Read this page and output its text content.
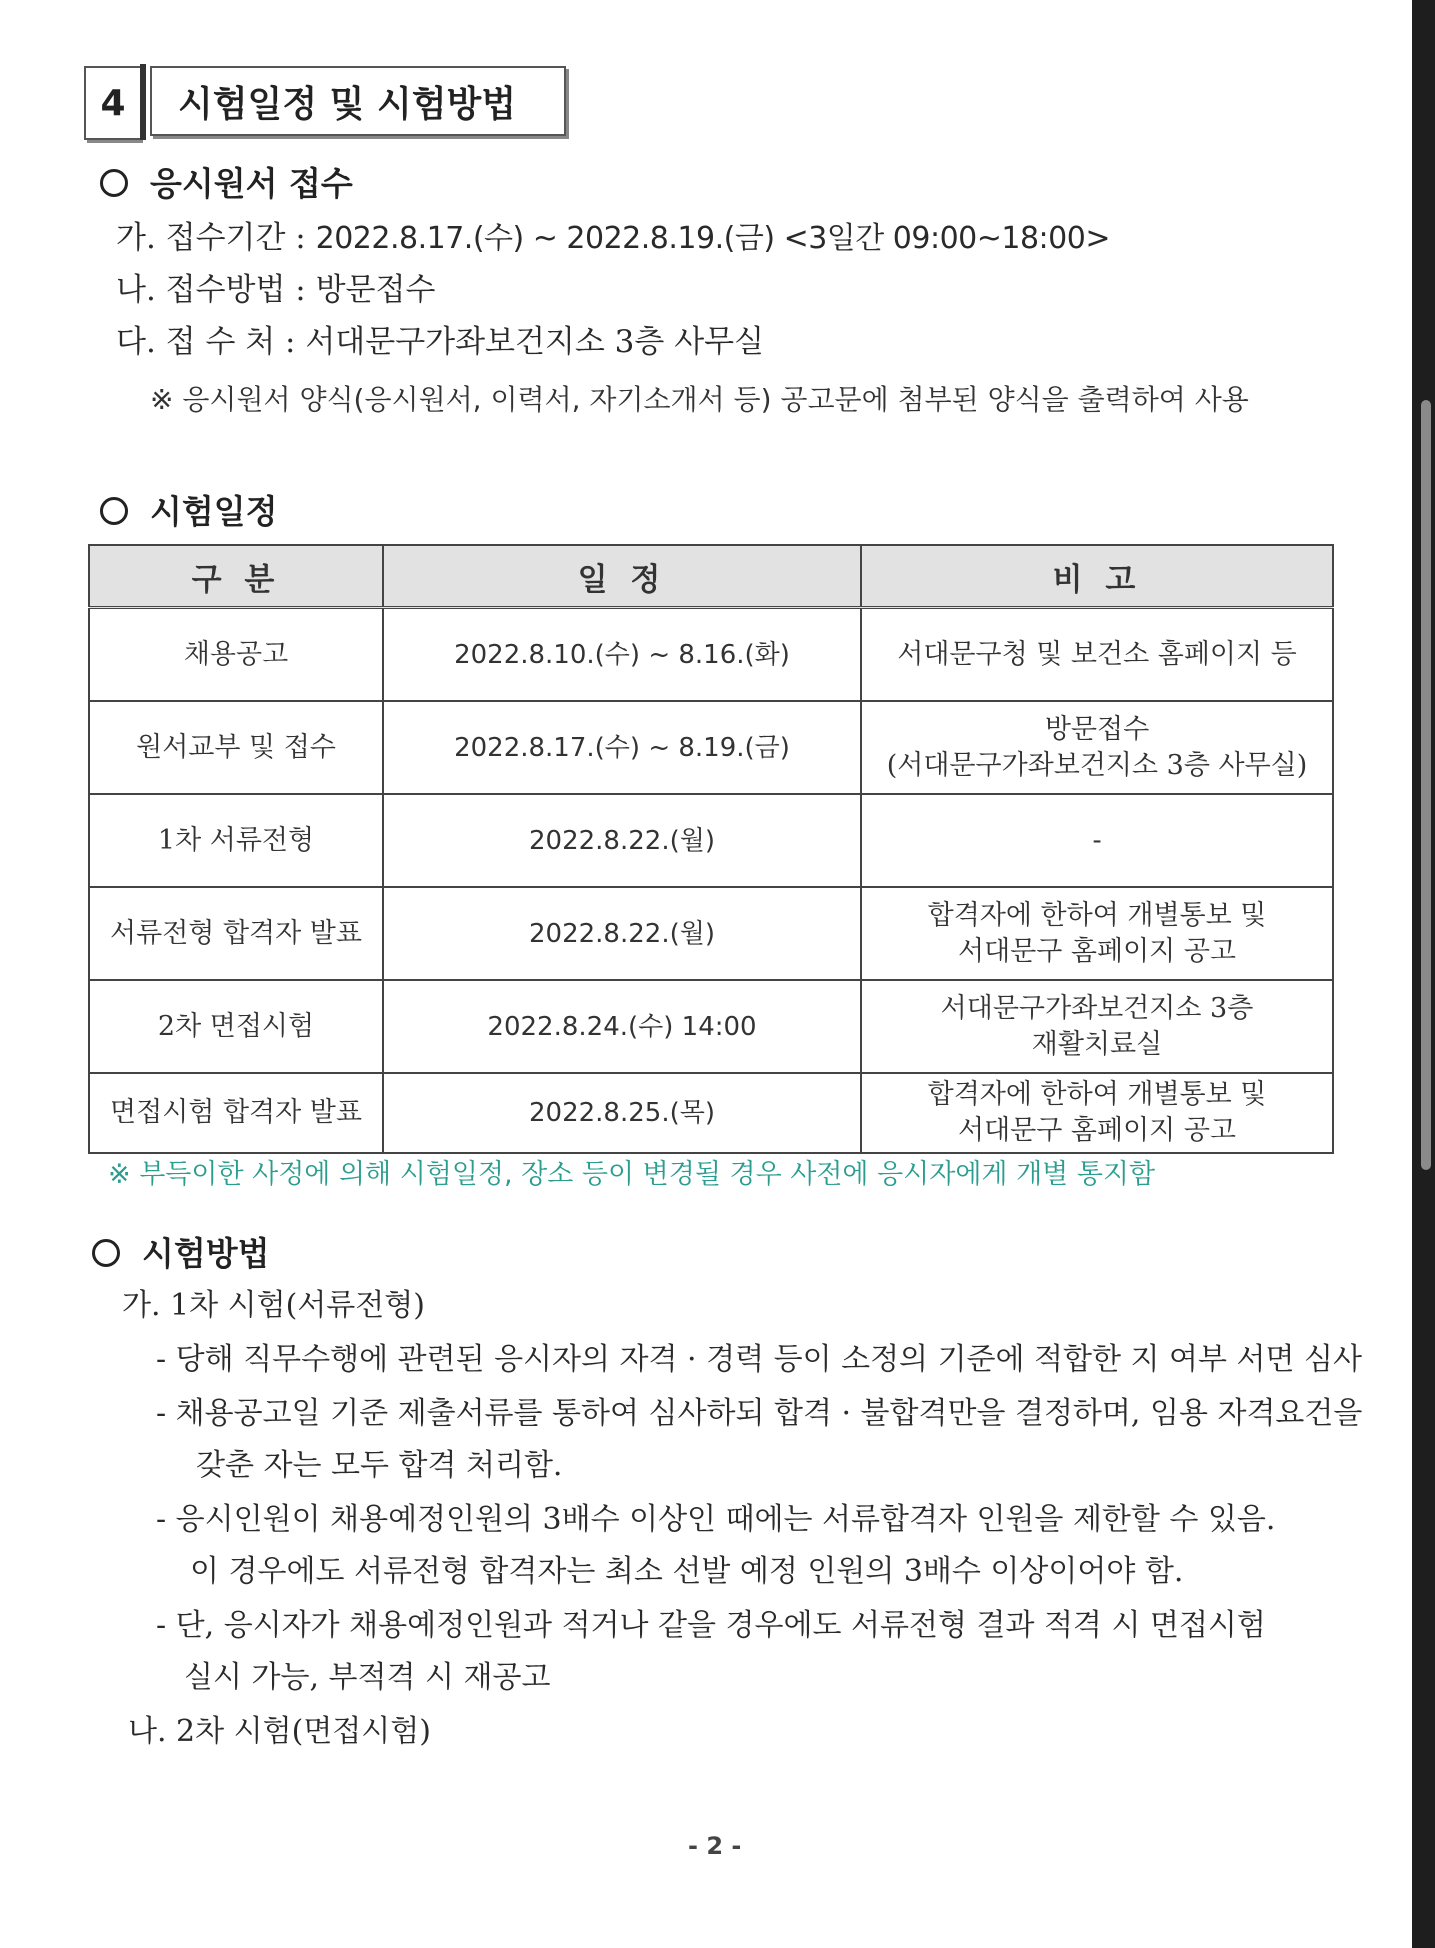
4	시험일정 및 시험방법
응시원서 접수
가. 접수기간 : 2022.8.17.(수) ~ 2022.8.19.(금) <3일간 09:00~18:00>
나. 접수방법 : 방문접수
다. 접 수 처 : 서대문구가좌보건지소 3층 사무실
※ 응시원서 양식(응시원서, 이력서, 자기소개서 등) 공고문에 첨부된 양식을 출력하여 사용
시험일정
구 분	일 정	비 고
채용공고	2022.8.10.(수) ~ 8.16.(화)	서대문구청 및 보건소 홈페이지 등

원서교부 및 접수	2022.8.17.(수) ~ 8.19.(금)	방문접수
(서대문구가좌보건지소 3층 사무실)

1차 서류전형	2022.8.22.(월)	-

서류전형 합격자 발표	2022.8.22.(월)	합격자에 한하여 개별통보 및
서대문구 홈페이지 공고

2차 면접시험	2022.8.24.(수) 14:00	서대문구가좌보건지소 3층
재활치료실

면접시험 합격자 발표	2022.8.25.(목)	합격자에 한하여 개별통보 및
서대문구 홈페이지 공고
※ 부득이한 사정에 의해 시험일정, 장소 등이 변경될 경우 사전에 응시자에게 개별 통지함
시험방법
가. 1차 시험(서류전형)
- 당해 직무수행에 관련된 응시자의 자격 · 경력 등이 소정의 기준에 적합한 지 여부 서면 심사
- 채용공고일 기준 제출서류를 통하여 심사하되 합격 · 불합격만을 결정하며, 임용 자격요건을
갖춘 자는 모두 합격 처리함.
- 응시인원이 채용예정인원의 3배수 이상인 때에는 서류합격자 인원을 제한할 수 있음.
이 경우에도 서류전형 합격자는 최소 선발 예정 인원의 3배수 이상이어야 함.
- 단, 응시자가 채용예정인원과 적거나 같을 경우에도 서류전형 결과 적격 시 면접시험
실시 가능, 부적격 시 재공고
나. 2차 시험(면접시험)
- 2 -
